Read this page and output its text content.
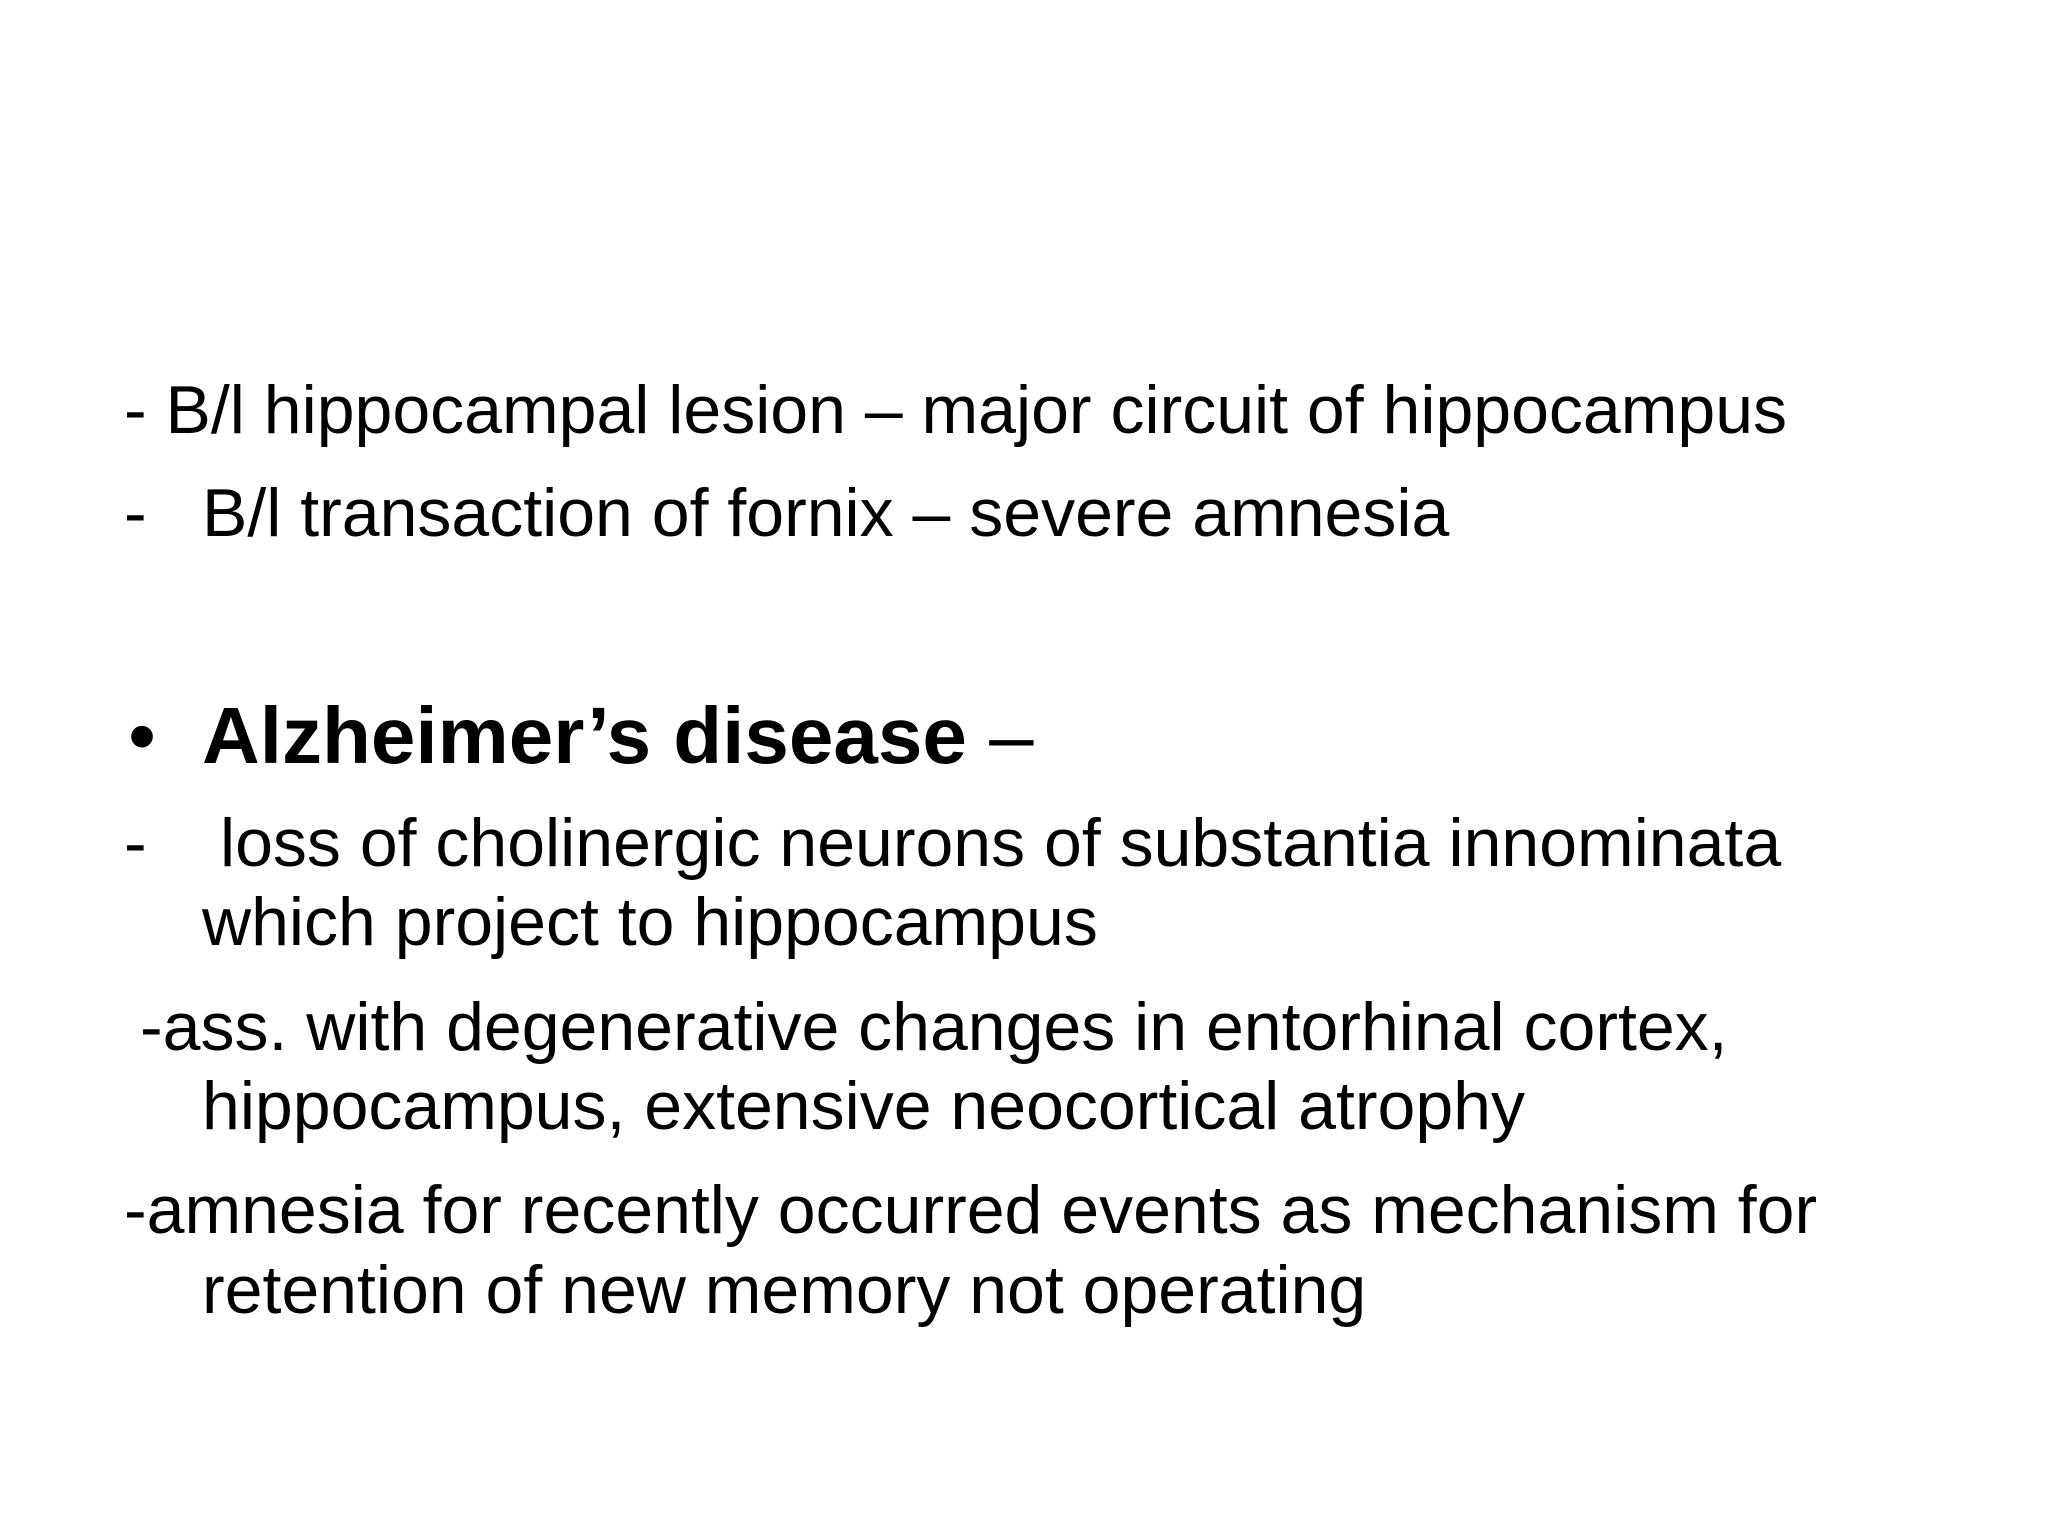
- B/l hippocampal lesion – major circuit of hippocampus
- B/l transaction of fornix – severe amnesia
• Alzheimer’s disease –
- loss of cholinergic neurons of substantia innominata
which project to hippocampus
-ass. with degenerative changes in entorhinal cortex,
hippocampus, extensive neocortical atrophy
-amnesia for recently occurred events as mechanism for
retention of new memory not operating
